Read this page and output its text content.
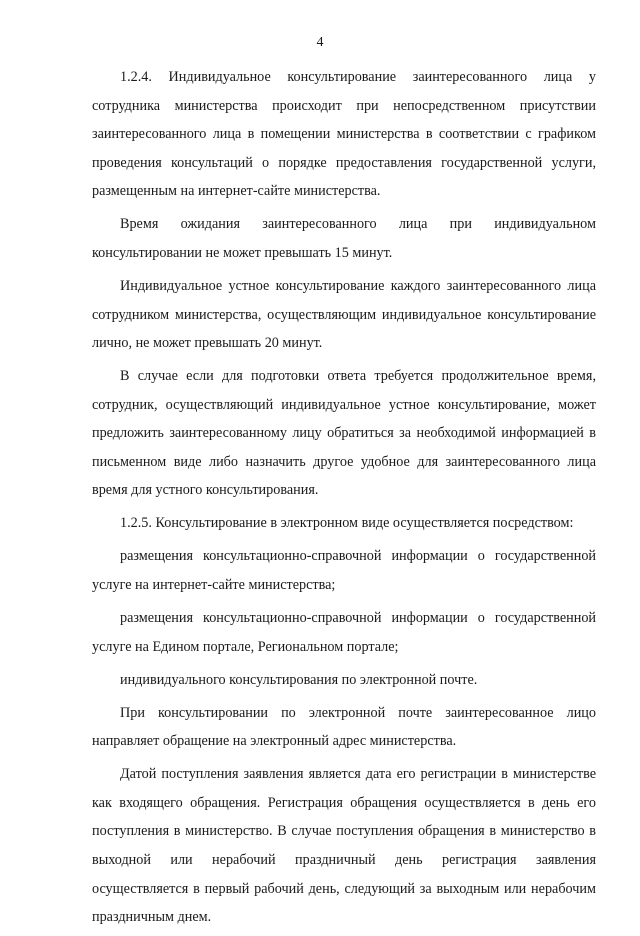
4

1.2.4. Индивидуальное консультирование заинтересованного лица у сотрудника министерства происходит при непосредственном присутствии заинтересованного лица в помещении министерства в соответствии с графиком проведения консультаций о порядке предоставления государственной услуги, размещенным на интернет-сайте министерства.

Время ожидания заинтересованного лица при индивидуальном консультировании не может превышать 15 минут.

Индивидуальное устное консультирование каждого заинтересованного лица сотрудником министерства, осуществляющим индивидуальное консультирование лично, не может превышать 20 минут.

В случае если для подготовки ответа требуется продолжительное время, сотрудник, осуществляющий индивидуальное устное консультирование, может предложить заинтересованному лицу обратиться за необходимой информацией в письменном виде либо назначить другое удобное для заинтересованного лица время для устного консультирования.

1.2.5. Консультирование в электронном виде осуществляется посредством:

размещения консультационно-справочной информации о государственной услуге на интернет-сайте министерства;

размещения консультационно-справочной информации о государственной услуге на Едином портале, Региональном портале;

индивидуального консультирования по электронной почте.

При консультировании по электронной почте заинтересованное лицо направляет обращение на электронный адрес министерства.

Датой поступления заявления является дата его регистрации в министерстве как входящего обращения. Регистрация обращения осуществляется в день его поступления в министерство. В случае поступления обращения в министерство в выходной или нерабочий праздничный день регистрация заявления осуществляется в первый рабочий день, следующий за выходным или нерабочим праздничным днем.
